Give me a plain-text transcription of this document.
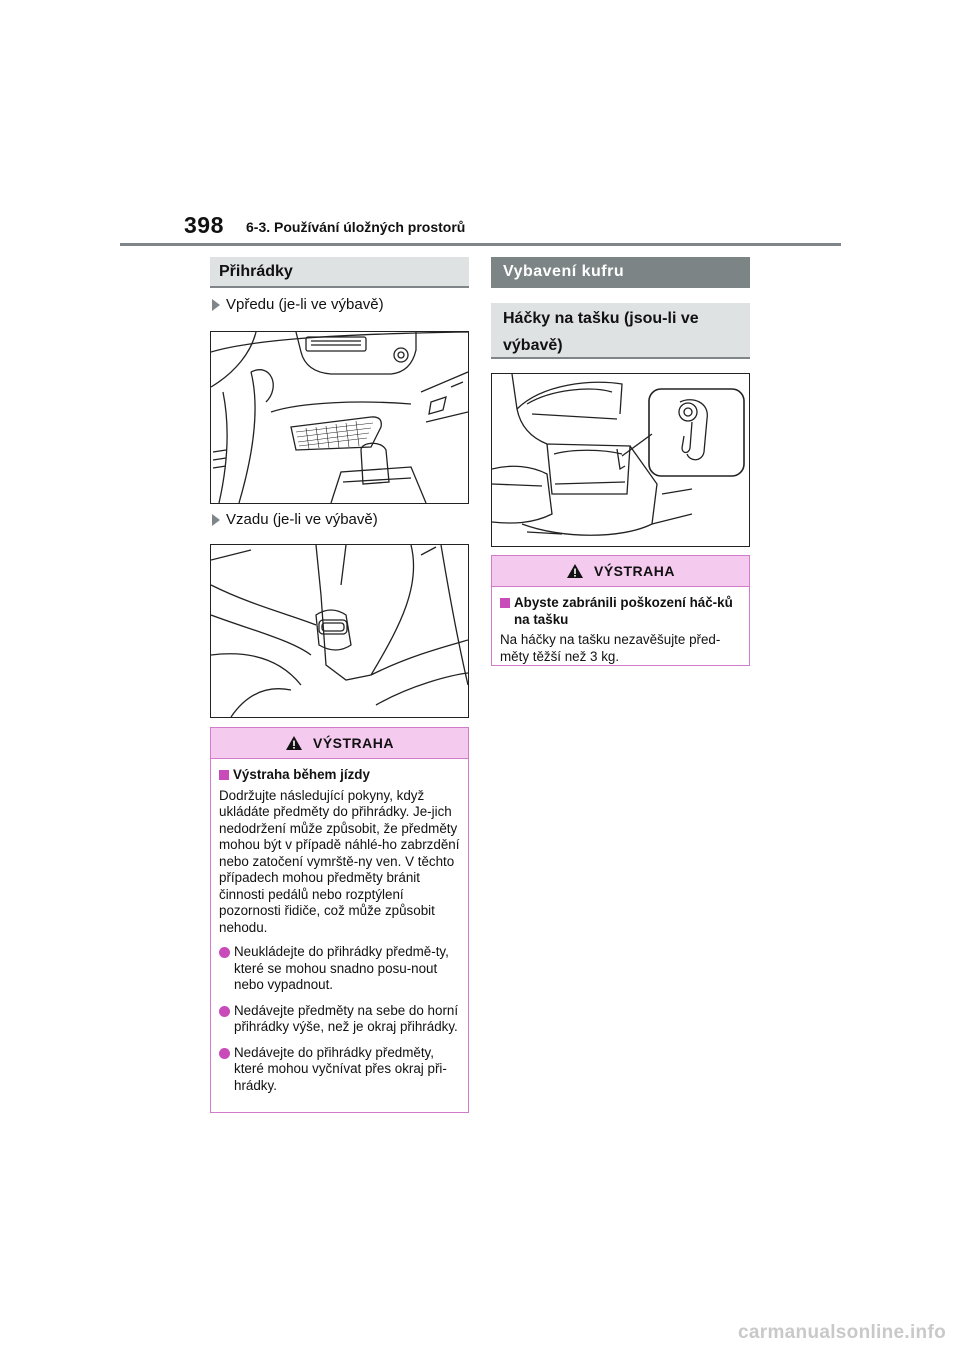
398 6-3. Používání úložných prostorů
Přihrádky
Vpředu (je-li ve výbavě)
Vzadu (je-li ve výbavě)
VÝSTRAHA
Výstraha během jízdy

Dodržujte následující pokyny, když ukládáte předměty do přihrádky. Je-jich nedodržení může způsobit, že předměty mohou být v případě náhlé-ho zabrzdění nebo zatočení vymrště-ny ven. V těchto případech mohou předměty bránit činnosti pedálů nebo rozptýlení pozornosti řidiče, což může způsobit nehodu.

Neukládejte do přihrádky předmě-ty, které se mohou snadno posu-nout nebo vypadnout.
Nedávejte předměty na sebe do horní přihrádky výše, než je okraj přihrádky.
Nedávejte do přihrádky předměty, které mohou vyčnívat přes okraj při-hrádky.
Vybavení kufru
Háčky na tašku (jsou-li ve výbavě)
VÝSTRAHA
Abyste zabránili poškození háč-ků na tašku

Na háčky na tašku nezavěšujte před-měty těžší než 3 kg.

carmanualsonline.info
